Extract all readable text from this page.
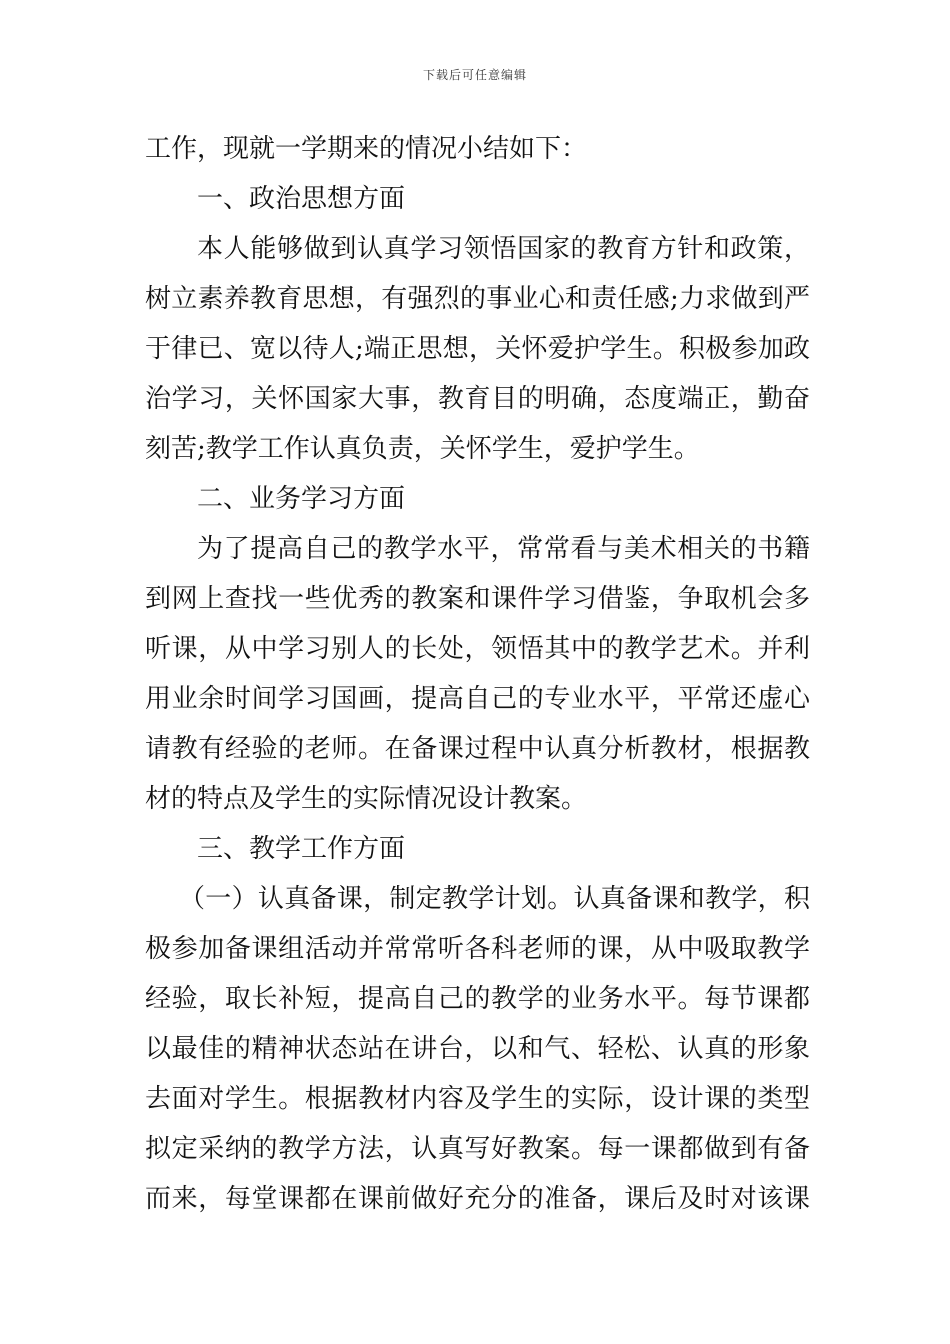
下载后可任意编辑
工作，现就一学期来的情况小结如下：
一、政治思想方面
本人能够做到认真学习领悟国家的教育方针和政策，
树立素养教育思想，有强烈的事业心和责任感;力求做到严
于律已、宽以待人;端正思想，关怀爱护学生。积极参加政
治学习，关怀国家大事，教育目的明确，态度端正，勤奋
刻苦;教学工作认真负责，关怀学生，爱护学生。
二、业务学习方面
为了提高自己的教学水平，常常看与美术相关的书籍
到网上查找一些优秀的教案和课件学习借鉴，争取机会多
听课，从中学习别人的长处，领悟其中的教学艺术。并利
用业余时间学习国画，提高自己的专业水平，平常还虚心
请教有经验的老师。在备课过程中认真分析教材，根据教
材的特点及学生的实际情况设计教案。
三、教学工作方面
（一）认真备课，制定教学计划。认真备课和教学，积
极参加备课组活动并常常听各科老师的课，从中吸取教学
经验，取长补短，提高自己的教学的业务水平。每节课都
以最佳的精神状态站在讲台，以和气、轻松、认真的形象
去面对学生。根据教材内容及学生的实际，设计课的类型
拟定采纳的教学方法，认真写好教案。每一课都做到有备
而来，每堂课都在课前做好充分的准备，课后及时对该课
